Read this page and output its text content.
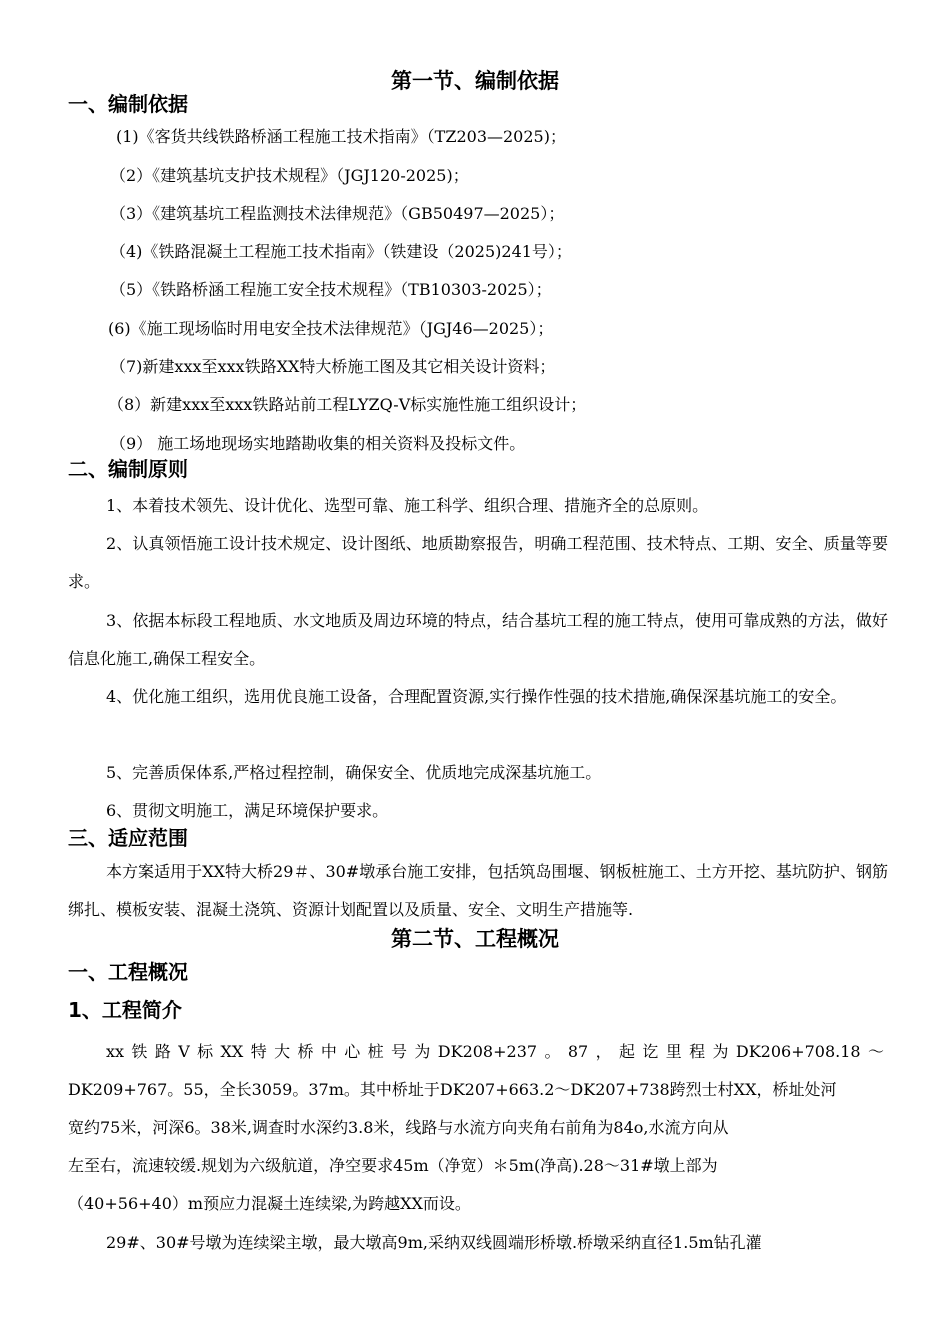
第一节、编制依据
一、编制依据

(1)《客货共线铁路桥涵工程施工技术指南》（TZ203—2025)；

（2）《建筑基坑支护技术规程》（JGJ120-2025)；

（3）《建筑基坑工程监测技术法律规范》（GB50497—2025）；

（4)《铁路混凝土工程施工技术指南》（铁建设（2025)241号）；

（5）《铁路桥涵工程施工安全技术规程》（TB10303-2025）；

(6)《施工现场临时用电安全技术法律规范》（JGJ46—2025）；

（7)新建xxx至xxx铁路XX特大桥施工图及其它相关设计资料；

（8）新建xxx至xxx铁路站前工程LYZQ-Ⅴ标实施性施工组织设计；

（9） 施工场地现场实地踏勘收集的相关资料及投标文件。

二、编制原则

1、本着技术领先、设计优化、选型可靠、施工科学、组织合理、措施齐全的总原则。

2、认真领悟施工设计技术规定、设计图纸、地质勘察报告，明确工程范围、技术特点、工期、安全、质量等要求。

3、依据本标段工程地质、水文地质及周边环境的特点，结合基坑工程的施工特点，使用可靠成熟的方法，做好信息化施工,确保工程安全。

4、优化施工组织，选用优良施工设备，合理配置资源,实行操作性强的技术措施,确保深基坑施工的安全。

5、完善质保体系,严格过程控制，确保安全、优质地完成深基坑施工。

6、贯彻文明施工，满足环境保护要求。

三、适应范围

本方案适用于XX特大桥29＃、30#墩承台施工安排，包括筑岛围堰、钢板桩施工、土方开挖、基坑防护、钢筋绑扎、模板安装、混凝土浇筑、资源计划配置以及质量、安全、文明生产措施等.

第二节、工程概况
一、工程概况
1、工程简介

xx铁路V标XX特大桥中心桩号为DK208+237。87，起讫里程为DK206+708.18～

DK209+767。55，全长3059。37m。其中桥址于DK207+663.2～DK207+738跨烈士村XX，桥址处河

宽约75米，河深6。38米,调查时水深约3.8米，线路与水流方向夹角右前角为84o,水流方向从

左至右，流速较缓.规划为六级航道，净空要求45m（净宽）＊5m(净高).28～31#墩上部为

（40+56+40）m预应力混凝土连续梁,为跨越XX而设。

29#、30#号墩为连续梁主墩，最大墩高9m,采纳双线圆端形桥墩.桥墩采纳直径1.5m钻孔灌
